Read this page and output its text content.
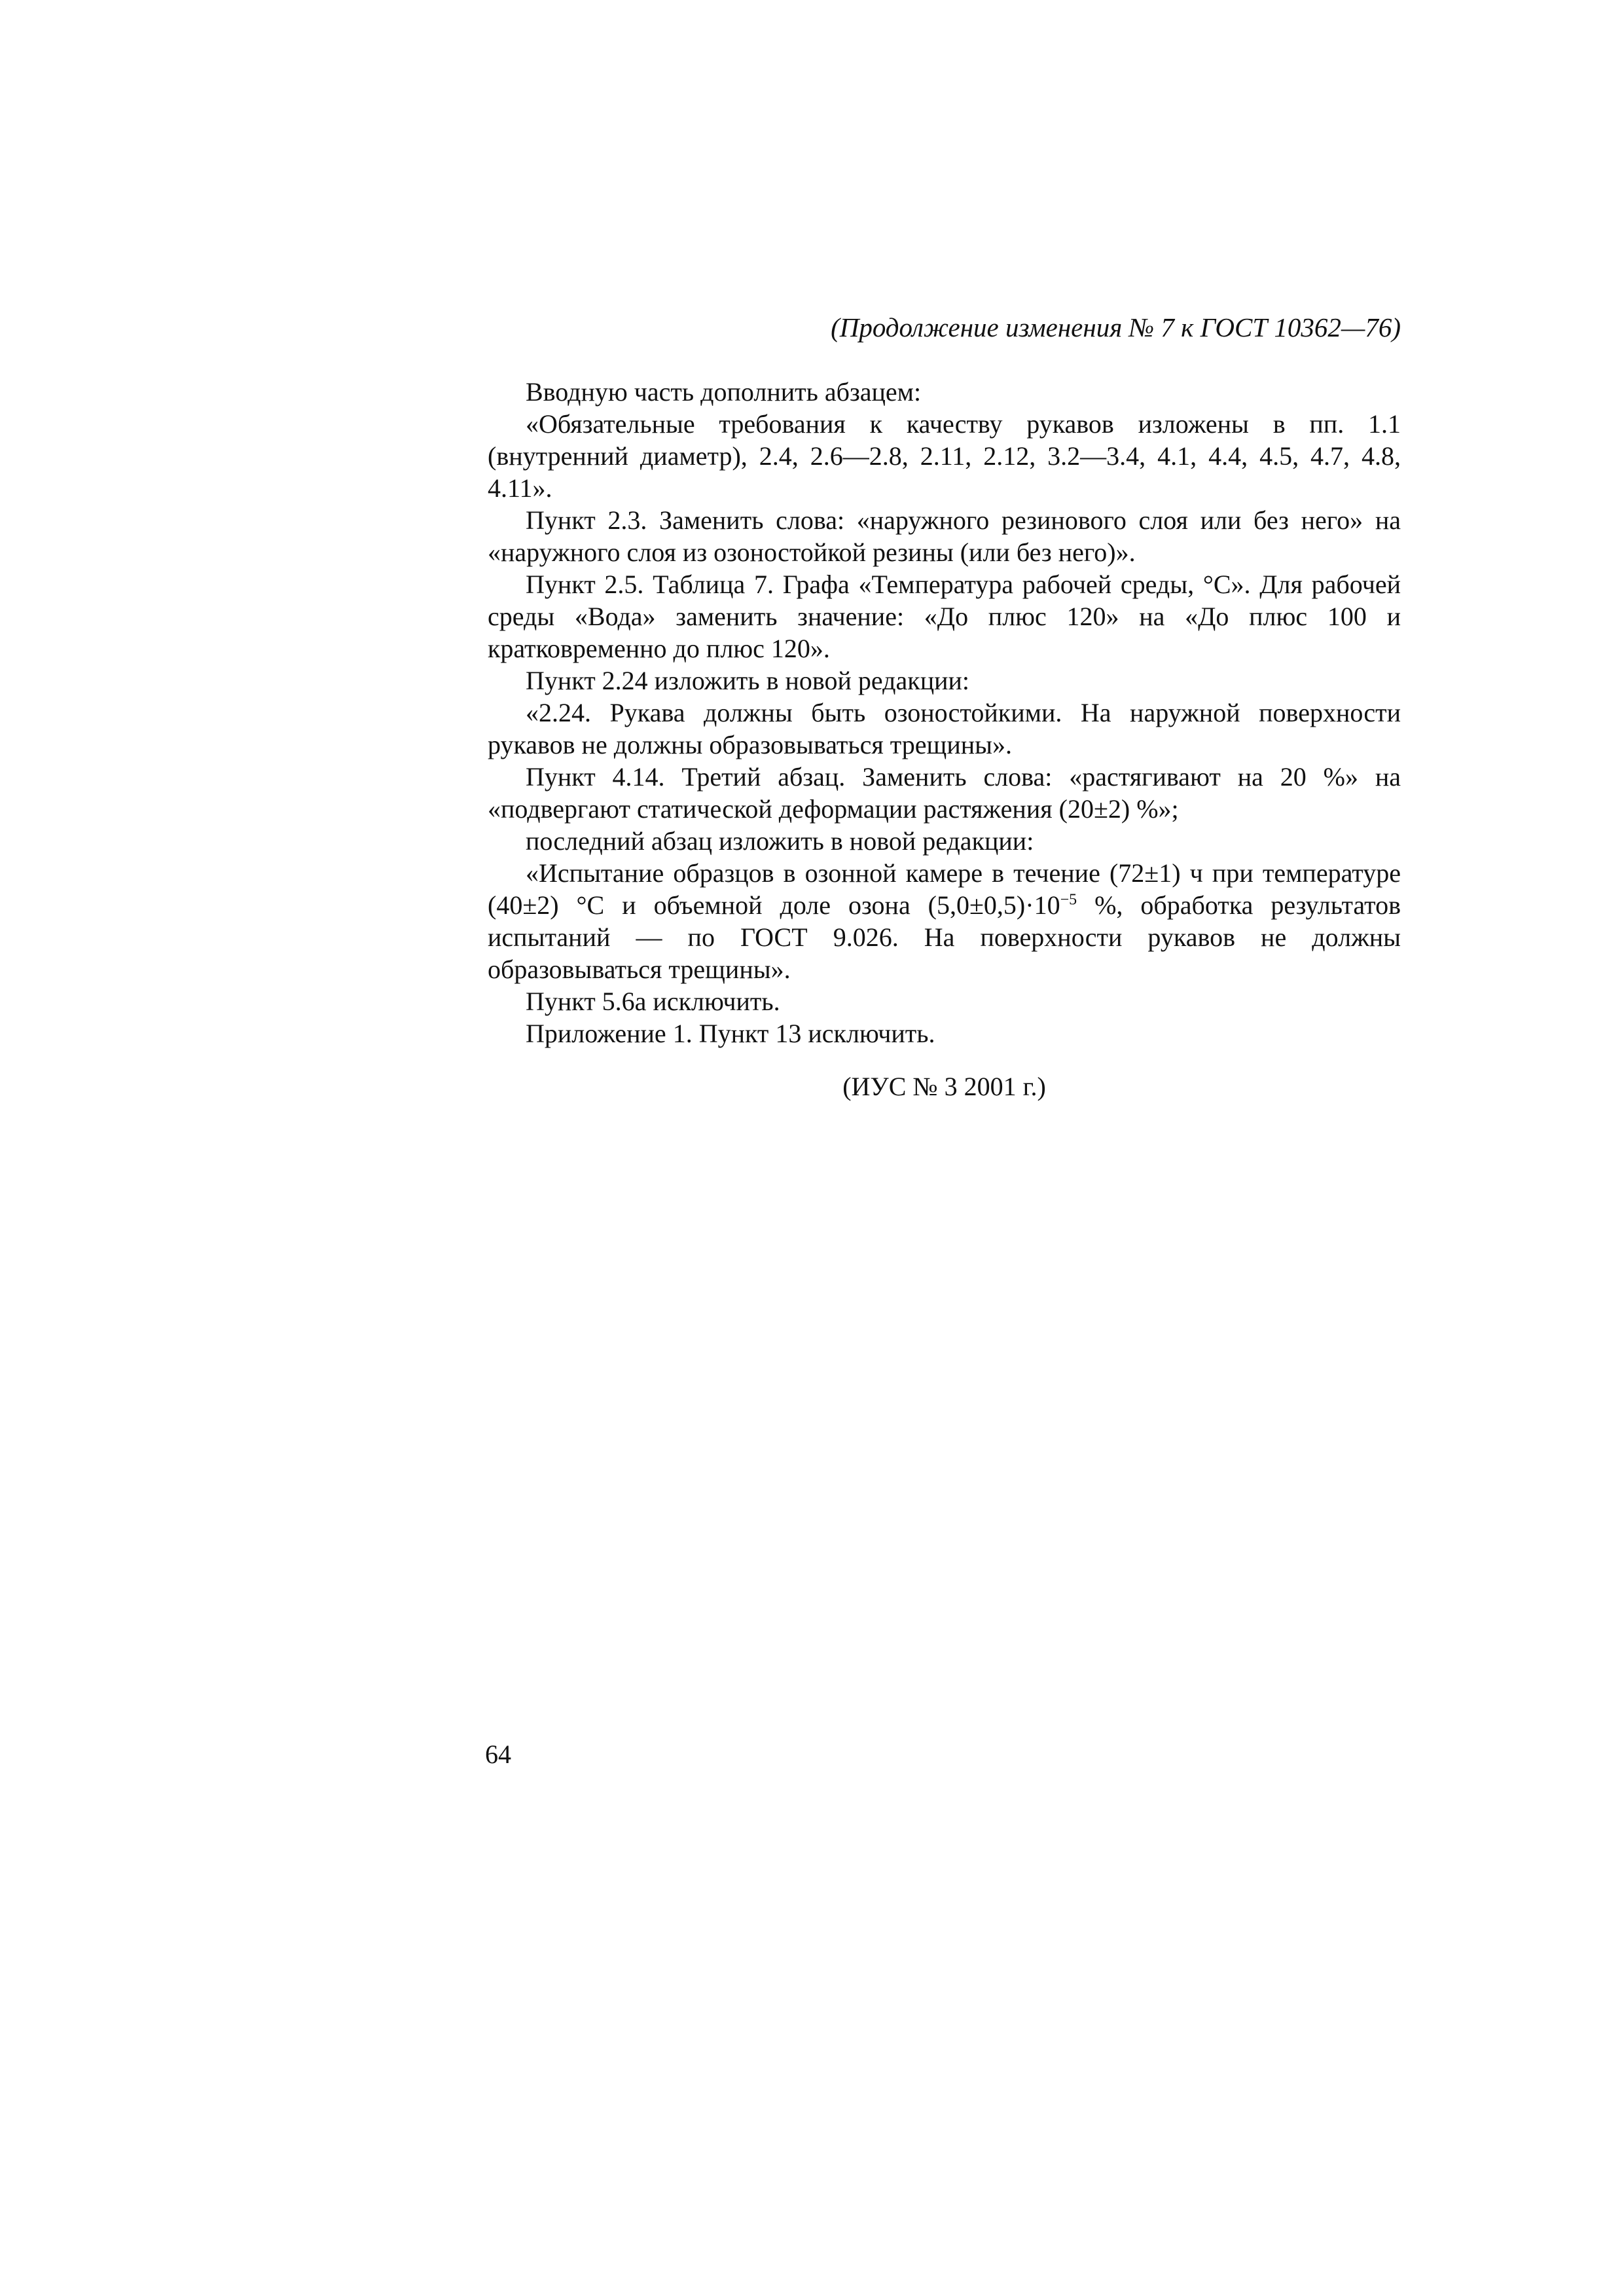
(Продолжение изменения № 7 к ГОСТ 10362—76)

Вводную часть дополнить абзацем:

«Обязательные требования к качеству рукавов изложены в пп. 1.1 (внутренний диаметр), 2.4, 2.6—2.8, 2.11, 2.12, 3.2—3.4, 4.1, 4.4, 4.5, 4.7, 4.8, 4.11».

Пункт 2.3. Заменить слова: «наружного резинового слоя или без него» на «наружного слоя из озоностойкой резины (или без него)».

Пункт 2.5. Таблица 7. Графа «Температура рабочей среды, °С». Для рабочей среды «Вода» заменить значение: «До плюс 120» на «До плюс 100 и кратковременно до плюс 120».

Пункт 2.24 изложить в новой редакции:

«2.24. Рукава должны быть озоностойкими. На наружной поверхности рукавов не должны образовываться трещины».

Пункт 4.14. Третий абзац. Заменить слова: «растягивают на 20 %» на «подвергают статической деформации растяжения (20±2) %»;

последний абзац изложить в новой редакции:

«Испытание образцов в озонной камере в течение (72±1) ч при температуре (40±2) °С и объемной доле озона $(5,0\pm 0,5)\cdot 10^{-5}$ %, обработка результатов испытаний — по ГОСТ 9.026. На поверхности рукавов не должны образовываться трещины».

Пункт 5.6а исключить.

Приложение 1. Пункт 13 исключить.

(ИУС № 3 2001 г.)
64
